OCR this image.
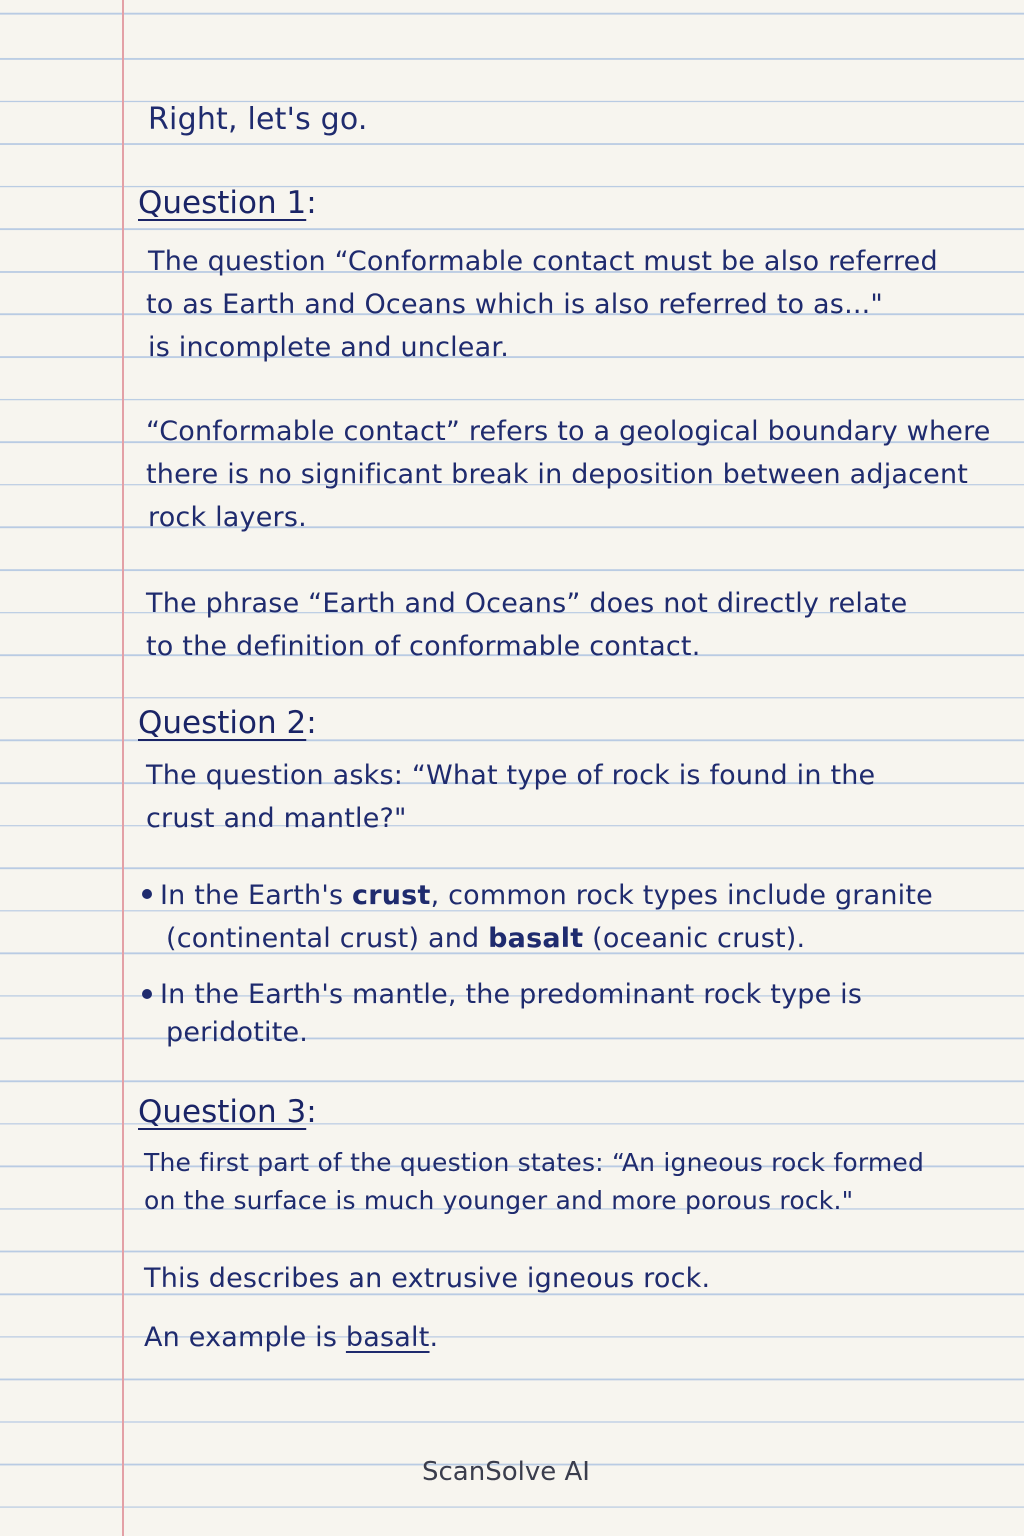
Right, let's go.
Question 1:
The question “Conformable contact must be also referred
to as Earth and Oceans which is also referred to as..."
is incomplete and unclear.
“Conformable contact” refers to a geological boundary where
there is no significant break in deposition between adjacent
rock layers.
The phrase “Earth and Oceans” does not directly relate
to the definition of conformable contact.
Question 2:
The question asks: “What type of rock is found in the
crust and mantle?"
In the Earth's crust, common rock types include granite
(continental crust) and basalt (oceanic crust).
In the Earth's mantle, the predominant rock type is
peridotite.
Question 3:
The first part of the question states: “An igneous rock formed
on the surface is much younger and more porous rock."
This describes an extrusive igneous rock.
An example is basalt.
ScanSolve AI
